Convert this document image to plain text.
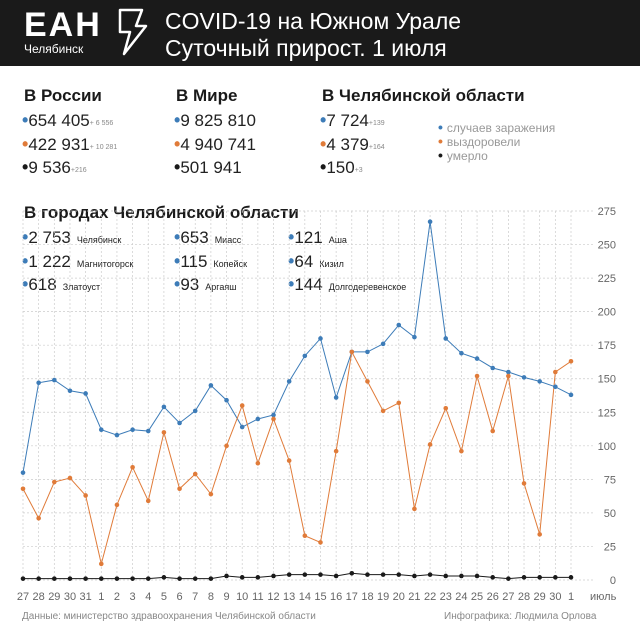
ЕАН
Челябинск
COVID-19 на Южном Урале
Суточный прирост. 1 июля
В России
•654 $405^{+ 6 556}$
•422 $931^{+ 10 281}$
•9 $536^{+216}$
В Мире
•9 825 810
•4 940 741
•501 941
В Челябинской области
•7 $724^{+139}$
•4 $379^{+164}$
$•150^{+3}$
• случаев заражения
• выздоровели
• умерло
В городах Челябинской области
•2 753 Челябинск	•653 Миасс	•121 Аша
•1 222 Магнитогорск •115 Копейск •64 Кизил
•618 Златоуст	•93 Аргаяш	•144 Долгодеревенское
0
25
50
75
100
125
150
175
200
225
250
275
27 28 29 30 31 1 2 3 4 5 6 7 8 9 10 11 12 13 14 15 16 17 18 19 20 21 22 23 24 25 26 27 28 29 30 1 июль
Данные: министерство здравоохранения Челябинской области	Инфографика: Людмила Орлова
